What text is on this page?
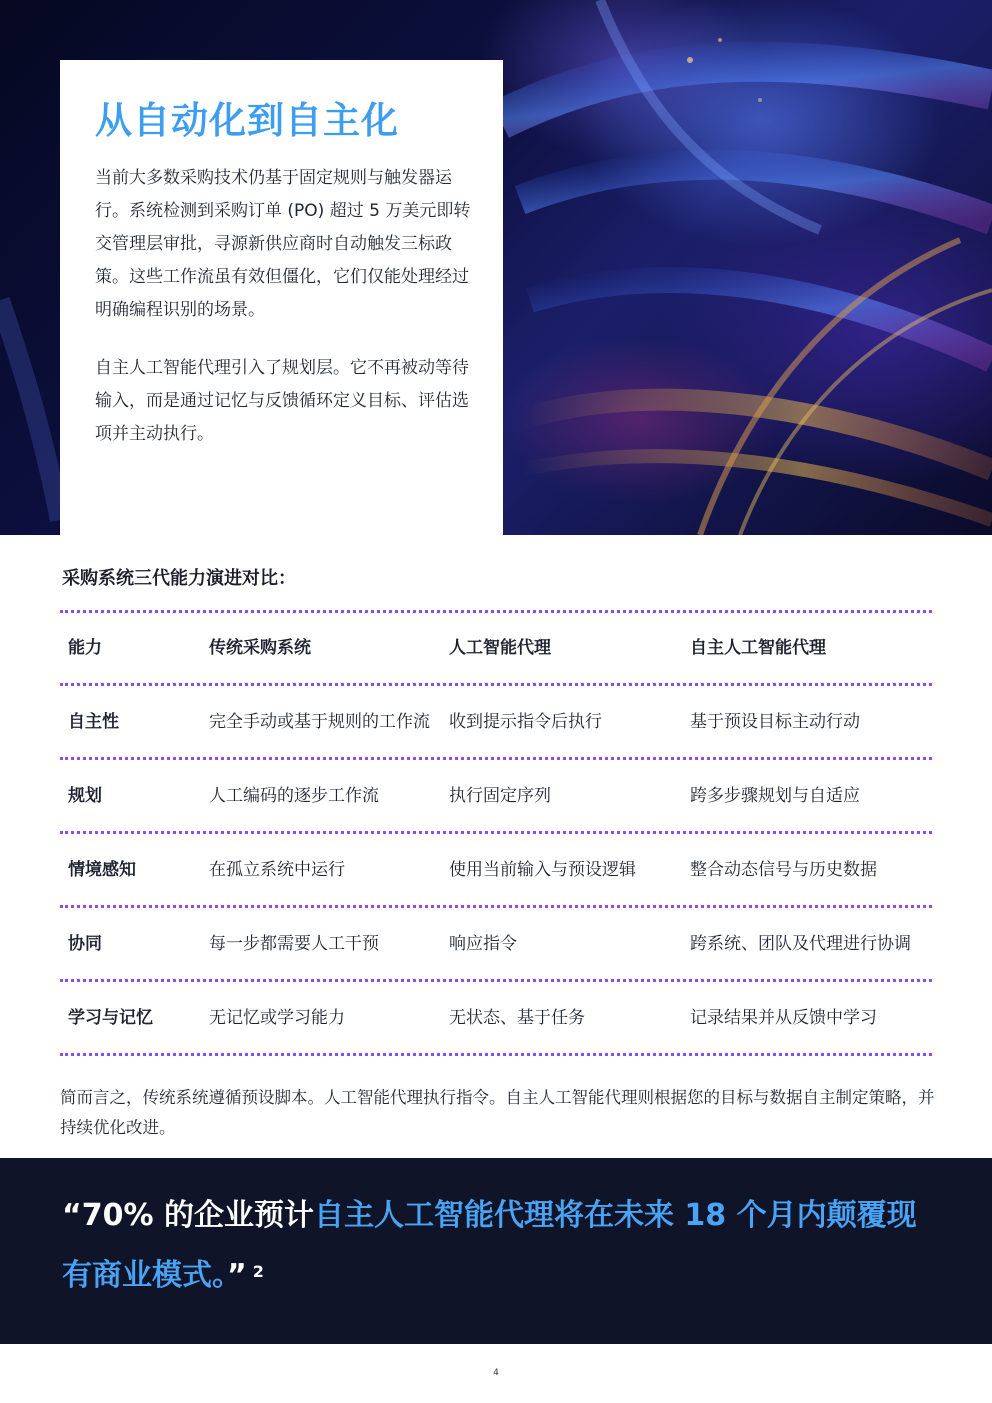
从自动化到自主化

当前大多数采购技术仍基于固定规则与触发器运行。系统检测到采购订单 (PO) 超过 5 万美元即转交管理层审批，寻源新供应商时自动触发三标政策。这些工作流虽有效但僵化，它们仅能处理经过明确编程识别的场景。

自主人工智能代理引入了规划层。它不再被动等待输入，而是通过记忆与反馈循环定义目标、评估选项并主动执行。

采购系统三代能力演进对比：
能力	传统采购系统	人工智能代理	自主人工智能代理
自主性	完全手动或基于规则的工作流	收到提示指令后执行	基于预设目标主动行动
规划	人工编码的逐步工作流	执行固定序列	跨多步骤规划与自适应
情境感知	在孤立系统中运行	使用当前输入与预设逻辑	整合动态信号与历史数据
协同	每一步都需要人工干预	响应指令	跨系统、团队及代理进行协调
学习与记忆	无记忆或学习能力	无状态、基于任务	记录结果并从反馈中学习

简而言之，传统系统遵循预设脚本。人工智能代理执行指令。自主人工智能代理则根据您的目标与数据自主制定策略，并持续优化改进。

“70% 的企业预计自主人工智能代理将在未来 18 个月内颠覆现有商业模式。” $^2$

4
